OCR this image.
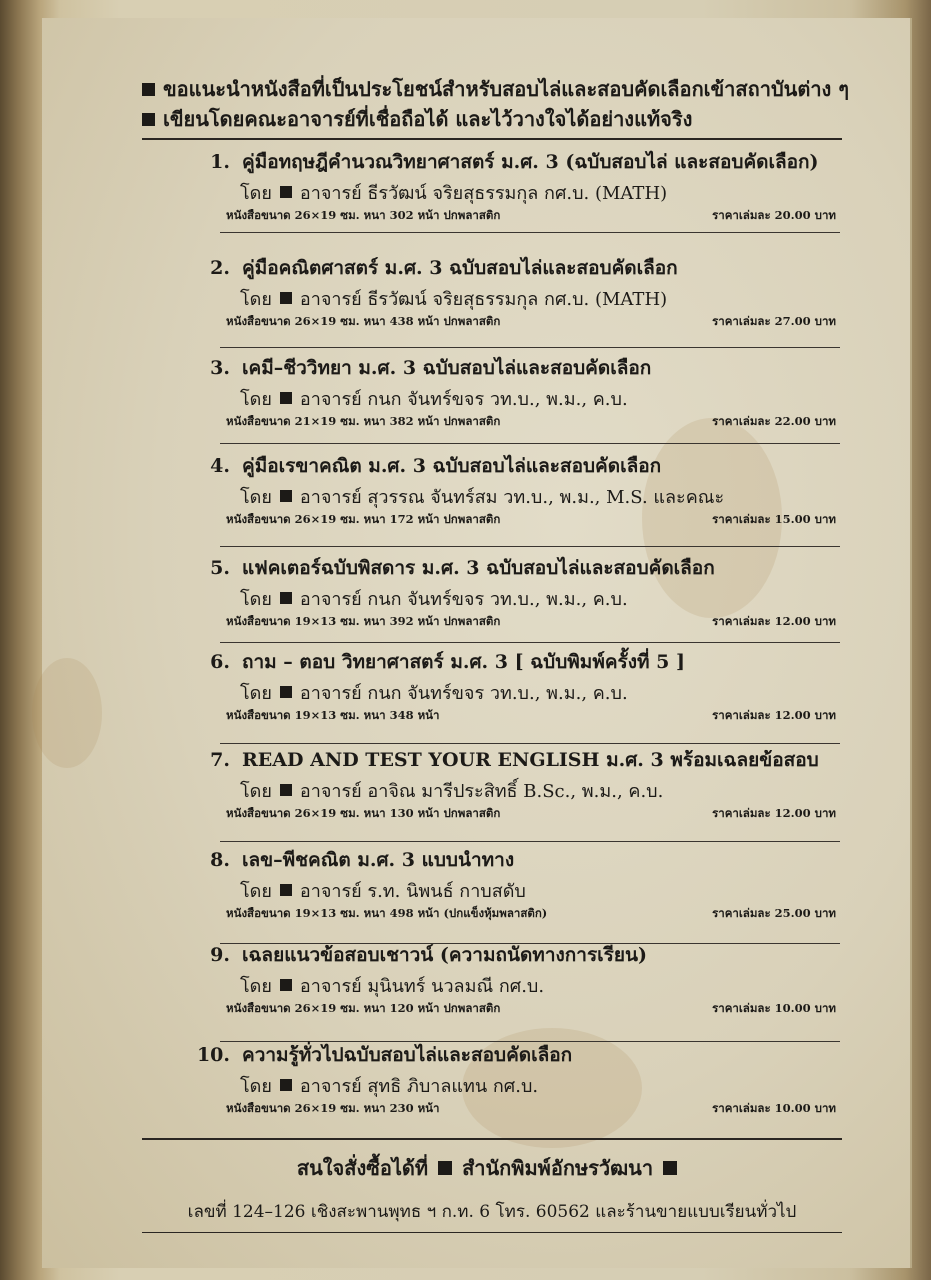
ขอแนะนำหนังสือที่เป็นประโยชน์สำหรับสอบไล่และสอบคัดเลือกเข้าสถาบันต่าง ๆ
เขียนโดยคณะอาจารย์ที่เชื่อถือได้ และไว้วางใจได้อย่างแท้จริง
1. คู่มือทฤษฎีคำนวณวิทยาศาสตร์ ม.ศ. 3 (ฉบับสอบไล่ และสอบคัดเลือก)
โดย อาจารย์ ธีรวัฒน์ จริยสุธรรมกุล กศ.บ. (MATH)
หนังสือขนาด 26×19 ซม. หนา 302 หน้า ปกพลาสติก	ราคาเล่มละ 20.00 บาท
2. คู่มือคณิตศาสตร์ ม.ศ. 3 ฉบับสอบไล่และสอบคัดเลือก
โดย อาจารย์ ธีรวัฒน์ จริยสุธรรมกุล กศ.บ. (MATH)
หนังสือขนาด 26×19 ซม. หนา 438 หน้า ปกพลาสติก	ราคาเล่มละ 27.00 บาท
3. เคมี–ชีววิทยา ม.ศ. 3 ฉบับสอบไล่และสอบคัดเลือก
โดย อาจารย์ กนก จันทร์ขจร วท.บ., พ.ม., ค.บ.
หนังสือขนาด 21×19 ซม. หนา 382 หน้า ปกพลาสติก	ราคาเล่มละ 22.00 บาท
4. คู่มือเรขาคณิต ม.ศ. 3 ฉบับสอบไล่และสอบคัดเลือก
โดย อาจารย์ สุวรรณ จันทร์สม วท.บ., พ.ม., M.S. และคณะ
หนังสือขนาด 26×19 ซม. หนา 172 หน้า ปกพลาสติก	ราคาเล่มละ 15.00 บาท
5. แฟคเตอร์ฉบับพิสดาร ม.ศ. 3 ฉบับสอบไล่และสอบคัดเลือก
โดย อาจารย์ กนก จันทร์ขจร วท.บ., พ.ม., ค.บ.
หนังสือขนาด 19×13 ซม. หนา 392 หน้า ปกพลาสติก	ราคาเล่มละ 12.00 บาท
6. ถาม – ตอบ วิทยาศาสตร์ ม.ศ. 3 [ ฉบับพิมพ์ครั้งที่ 5 ]
โดย อาจารย์ กนก จันทร์ขจร วท.บ., พ.ม., ค.บ.
หนังสือขนาด 19×13 ซม. หนา 348 หน้า	ราคาเล่มละ 12.00 บาท
7. READ AND TEST YOUR ENGLISH ม.ศ. 3 พร้อมเฉลยข้อสอบ
โดย อาจารย์ อาจิณ มารีประสิทธิ์ B.Sc., พ.ม., ค.บ.
หนังสือขนาด 26×19 ซม. หนา 130 หน้า ปกพลาสติก	ราคาเล่มละ 12.00 บาท
8. เลข–พีชคณิต ม.ศ. 3 แบบนำทาง
โดย อาจารย์ ร.ท. นิพนธ์ กาบสดับ
หนังสือขนาด 19×13 ซม. หนา 498 หน้า (ปกแข็งหุ้มพลาสติก)	ราคาเล่มละ 25.00 บาท
9. เฉลยแนวข้อสอบเชาวน์ (ความถนัดทางการเรียน)
โดย อาจารย์ มุนินทร์ นวลมณี กศ.บ.
หนังสือขนาด 26×19 ซม. หนา 120 หน้า ปกพลาสติก	ราคาเล่มละ 10.00 บาท
10. ความรู้ทั่วไปฉบับสอบไล่และสอบคัดเลือก
โดย อาจารย์ สุทธิ ภิบาลแทน กศ.บ.
หนังสือขนาด 26×19 ซม. หนา 230 หน้า	ราคาเล่มละ 10.00 บาท
สนใจสั่งซื้อได้ที่ สำนักพิมพ์อักษรวัฒนา
เลขที่ 124–126 เชิงสะพานพุทธ ฯ ก.ท. 6 โทร. 60562 และร้านขายแบบเรียนทั่วไป
